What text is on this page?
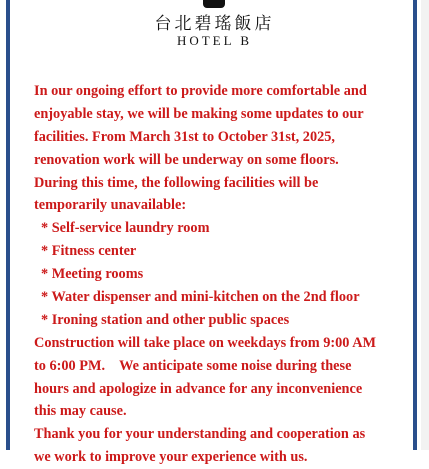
台北碧瑤飯店
HOTEL B
In our ongoing effort to provide more comfortable and
enjoyable stay, we will be making some updates to our
facilities. From March 31st to October 31st, 2025,
renovation work will be underway on some floors.
During this time, the following facilities will be
temporarily unavailable:
* Self-service laundry room
* Fitness center
* Meeting rooms
* Water dispenser and mini-kitchen on the 2nd floor
* Ironing station and other public spaces
Construction will take place on weekdays from 9:00 AM
to 6:00 PM.    We anticipate some noise during these
hours and apologize in advance for any inconvenience
this may cause.
Thank you for your understanding and cooperation as
we work to improve your experience with us.
